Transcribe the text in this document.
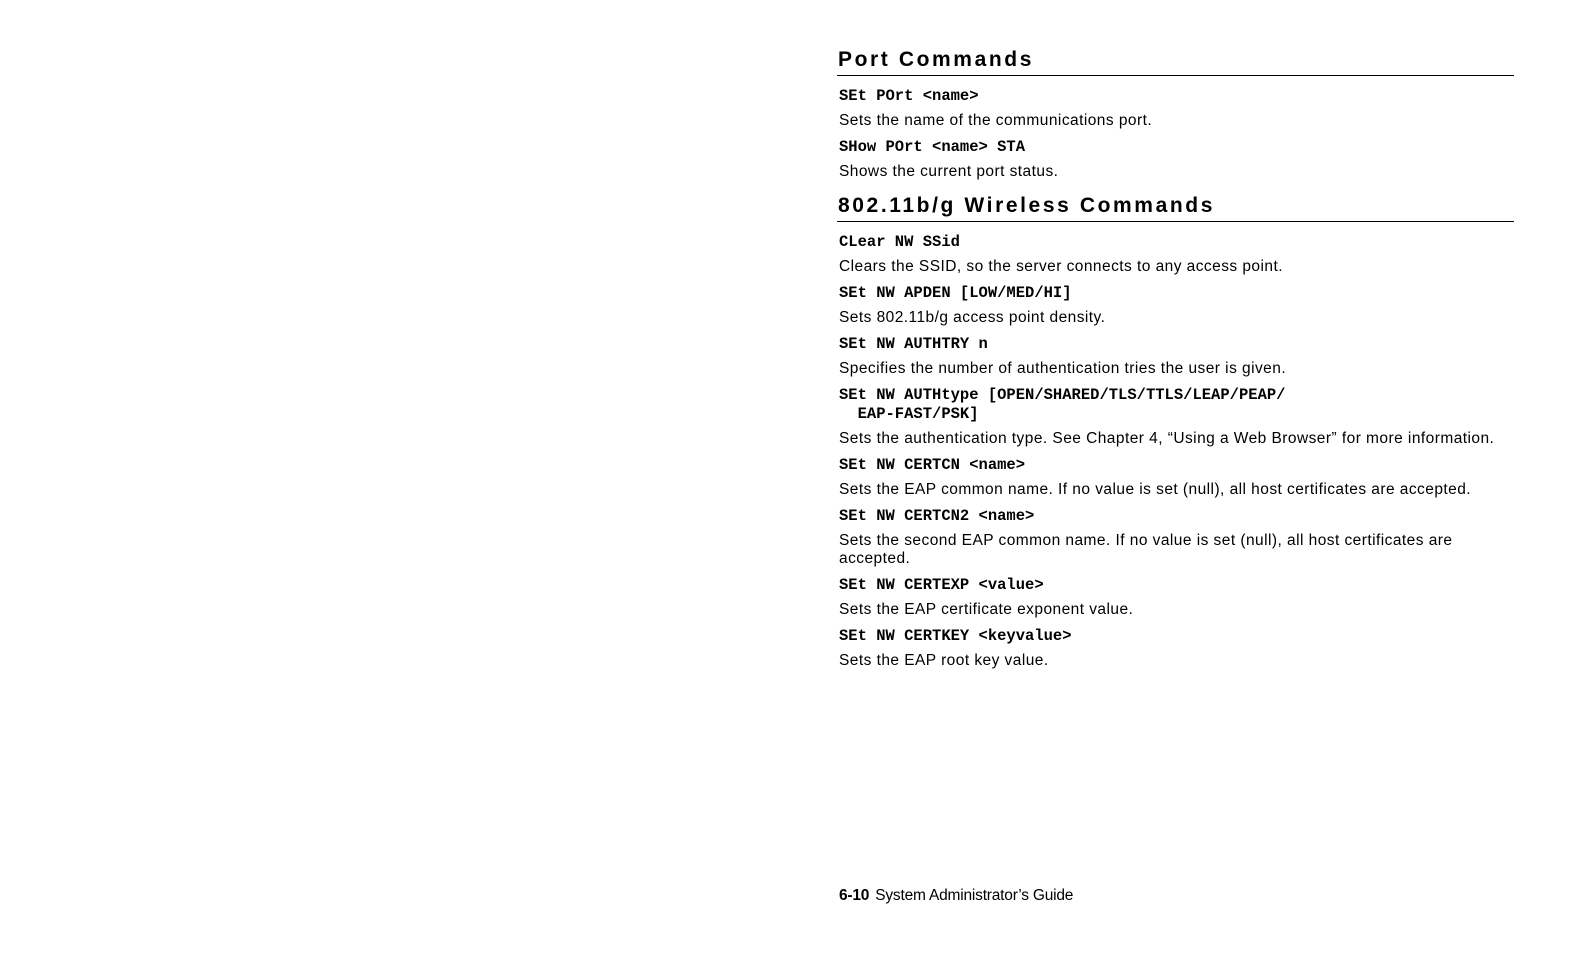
Port Commands
SEt POrt <name>

Sets the name of the communications port.

SHow POrt <name> STA

Shows the current port status.

802.11b/g Wireless Commands
CLear NW SSid

Clears the SSID, so the server connects to any access point.

SEt NW APDEN [LOW/MED/HI]

Sets 802.11b/g access point density.

SEt NW AUTHTRY n

Specifies the number of authentication tries the user is given.

SEt NW AUTHtype [OPEN/SHARED/TLS/TTLS/LEAP/PEAP/
EAP-FAST/PSK]

Sets the authentication type. See Chapter 4, “Using a Web Browser” for more information.

SEt NW CERTCN <name>

Sets the EAP common name. If no value is set (null), all host certificates are accepted.

SEt NW CERTCN2 <name>

Sets the second EAP common name. If no value is set (null), all host certificates are accepted.

SEt NW CERTEXP <value>

Sets the EAP certificate exponent value.

SEt NW CERTKEY <keyvalue>

Sets the EAP root key value.

6-10 System Administrator’s Guide
